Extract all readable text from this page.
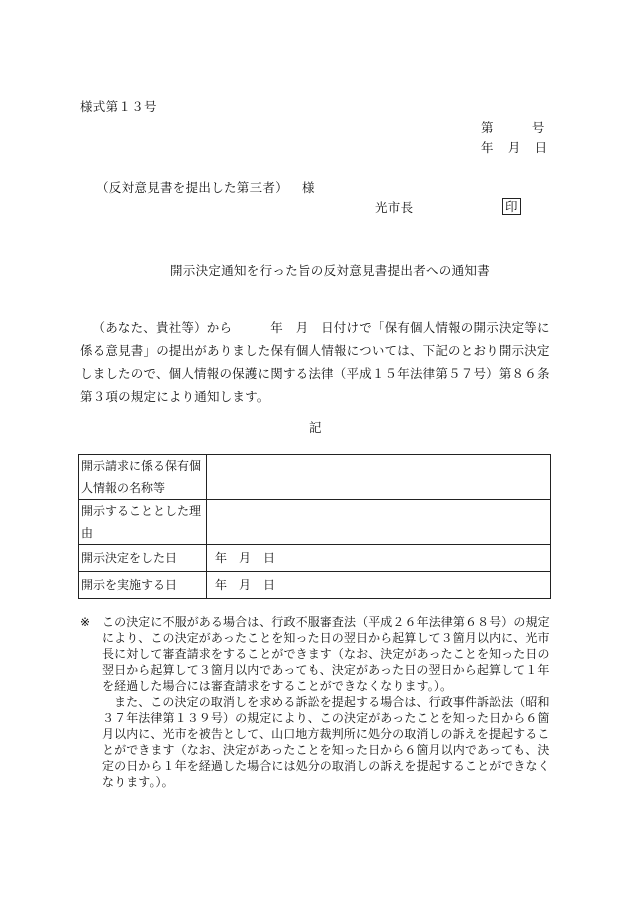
様式第１３号
第	号
年 月 日
（反対意見書を提出した第三者） 様
光市長	印
開示決定通知を行った旨の反対意見書提出者への通知書
（あなた、貴社等）から　　　年　月　日付けで「保有個人情報の開示決定等に係る意見書」の提出がありました保有個人情報については、下記のとおり開示決定しましたので、個人情報の保護に関する法律（平成１５年法律第５７号）第８６条第３項の規定により通知します。
記
開示請求に係る保有個人情報の名称等	
開示することとした理由	
開示決定をした日	年　月　日
開示を実施する日	年　月　日
※ この決定に不服がある場合は、行政不服審査法（平成２６年法律第６８号）の規定により、この決定があったことを知った日の翌日から起算して３箇月以内に、光市長に対して審査請求をすることができます（なお、決定があったことを知った日の翌日から起算して３箇月以内であっても、決定があった日の翌日から起算して１年を経過した場合には審査請求をすることができなくなります。）。
また、この決定の取消しを求める訴訟を提起する場合は、行政事件訴訟法（昭和３７年法律第１３９号）の規定により、この決定があったことを知った日から６箇月以内に、光市を被告として、山口地方裁判所に処分の取消しの訴えを提起することができます（なお、決定があったことを知った日から６箇月以内であっても、決定の日から１年を経過した場合には処分の取消しの訴えを提起することができなくなります。）。
